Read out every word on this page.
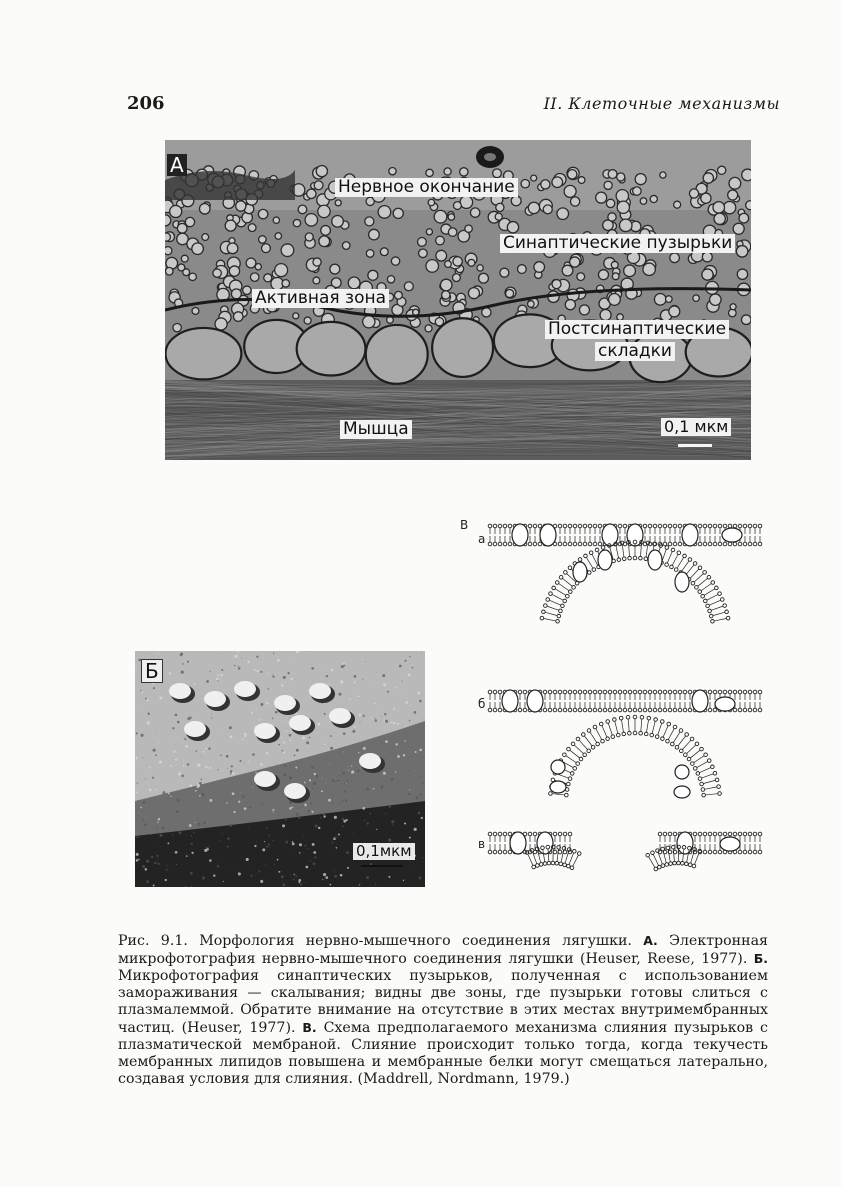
206	II. Клеточные механизмы
А
Нервное окончание
Синаптические пузырьки
Активная зона
Постсинаптические
складки
Мышца	0,1 мкм
Б
0,1мкм
В
а
б
в
Рис. 9.1. Морфология нервно-мышечного соединения лягушки. А. Электронная микрофотография нервно-мышечного соединения лягушки (Heuser, Reese, 1977). Б. Микрофотография синаптических пузырьков, полученная с использованием замораживания — скалывания; видны две зоны, где пузырьки готовы слиться с плазмалеммой. Обратите внимание на отсутствие в этих местах внутримембранных частиц. (Heuser, 1977). В. Схема предполагаемого механизма слияния пузырьков с плазматической мембраной. Слияние происходит только тогда, когда текучесть мембранных липидов повышена и мембранные белки могут смещаться латерально, создавая условия для слияния. (Maddrell, Nordmann, 1979.)
